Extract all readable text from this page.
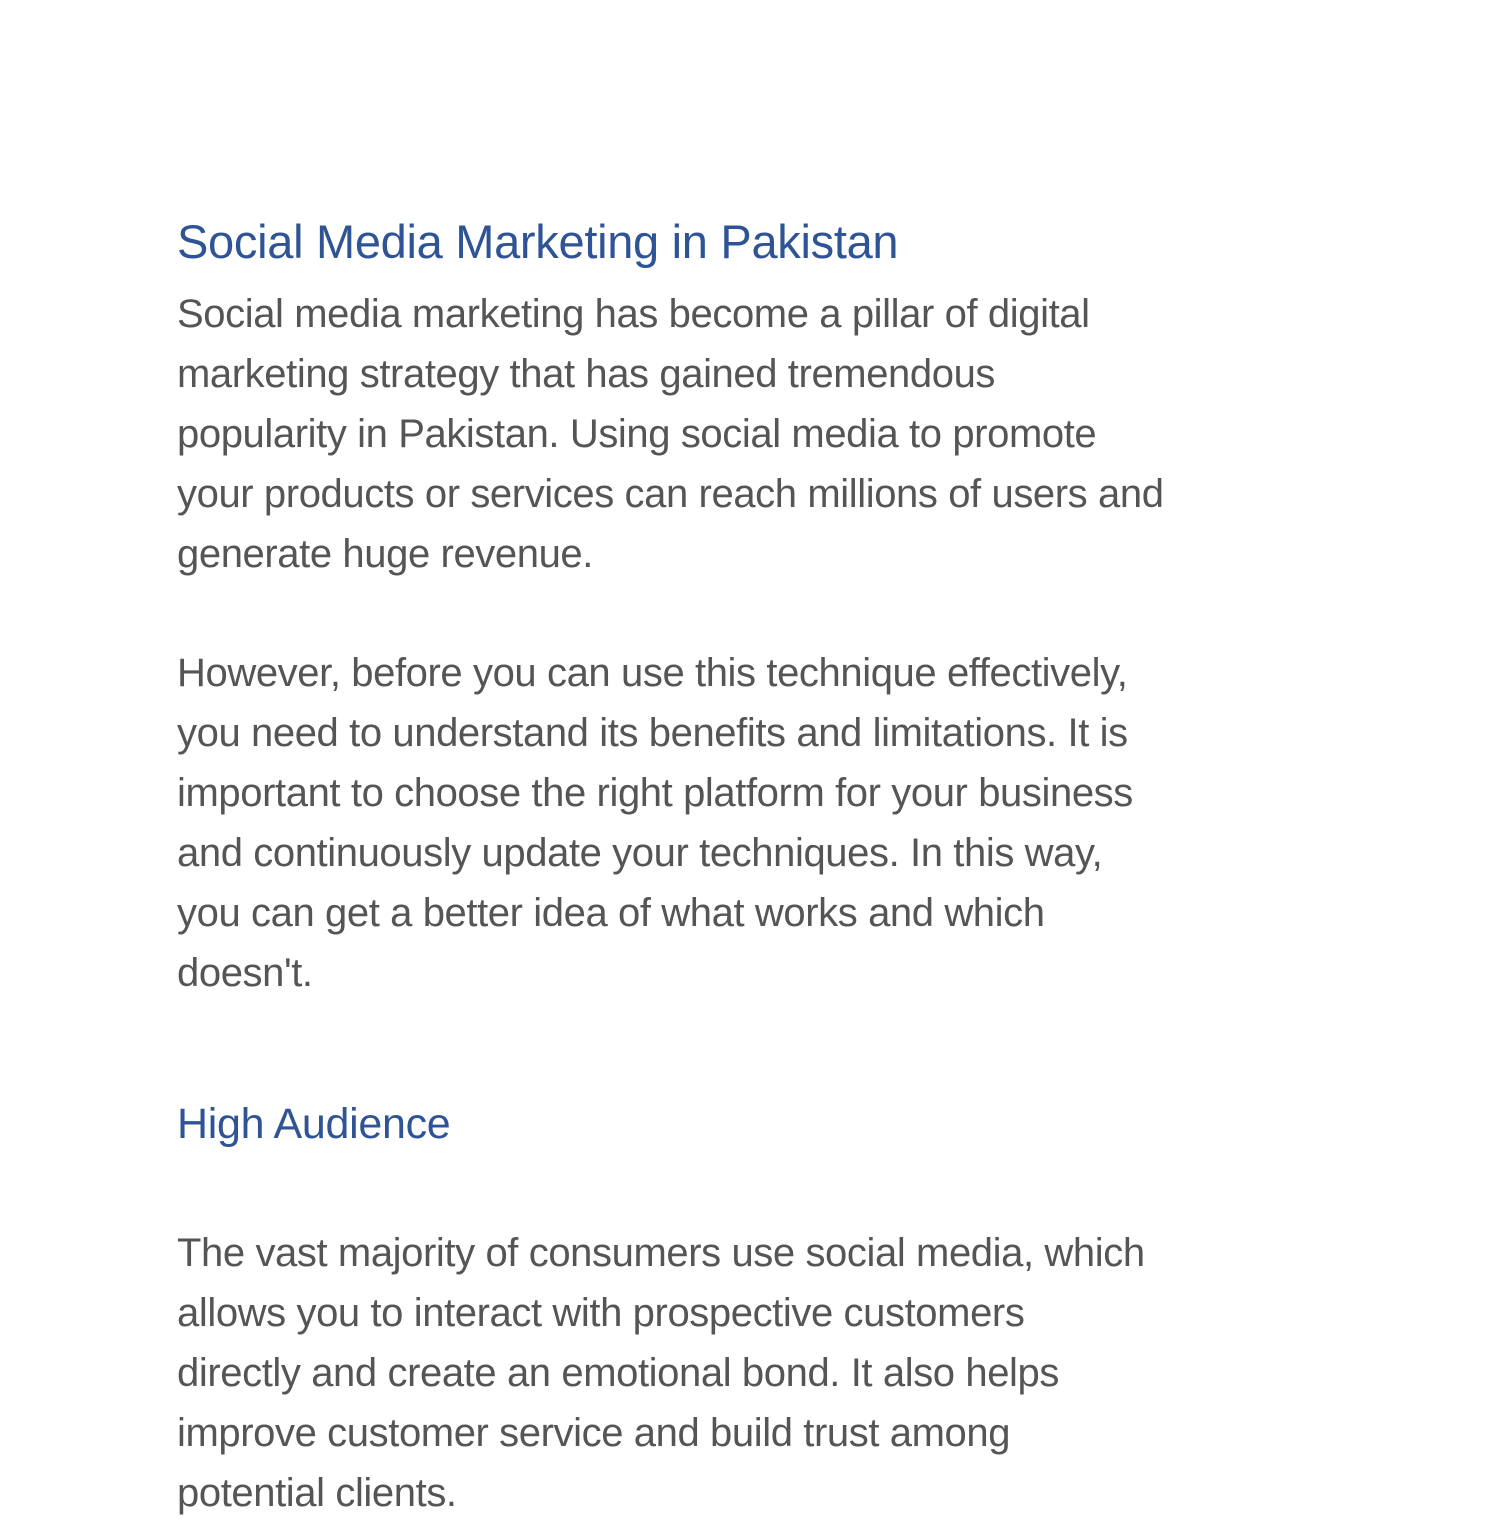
Social Media Marketing in Pakistan

Social media marketing has become a pillar of digital
marketing strategy that has gained tremendous
popularity in Pakistan. Using social media to promote
your products or services can reach millions of users and
generate huge revenue.

However, before you can use this technique effectively,
you need to understand its benefits and limitations. It is
important to choose the right platform for your business
and continuously update your techniques. In this way,
you can get a better idea of what works and which
doesn't.

High Audience

The vast majority of consumers use social media, which
allows you to interact with prospective customers
directly and create an emotional bond. It also helps
improve customer service and build trust among
potential clients.
